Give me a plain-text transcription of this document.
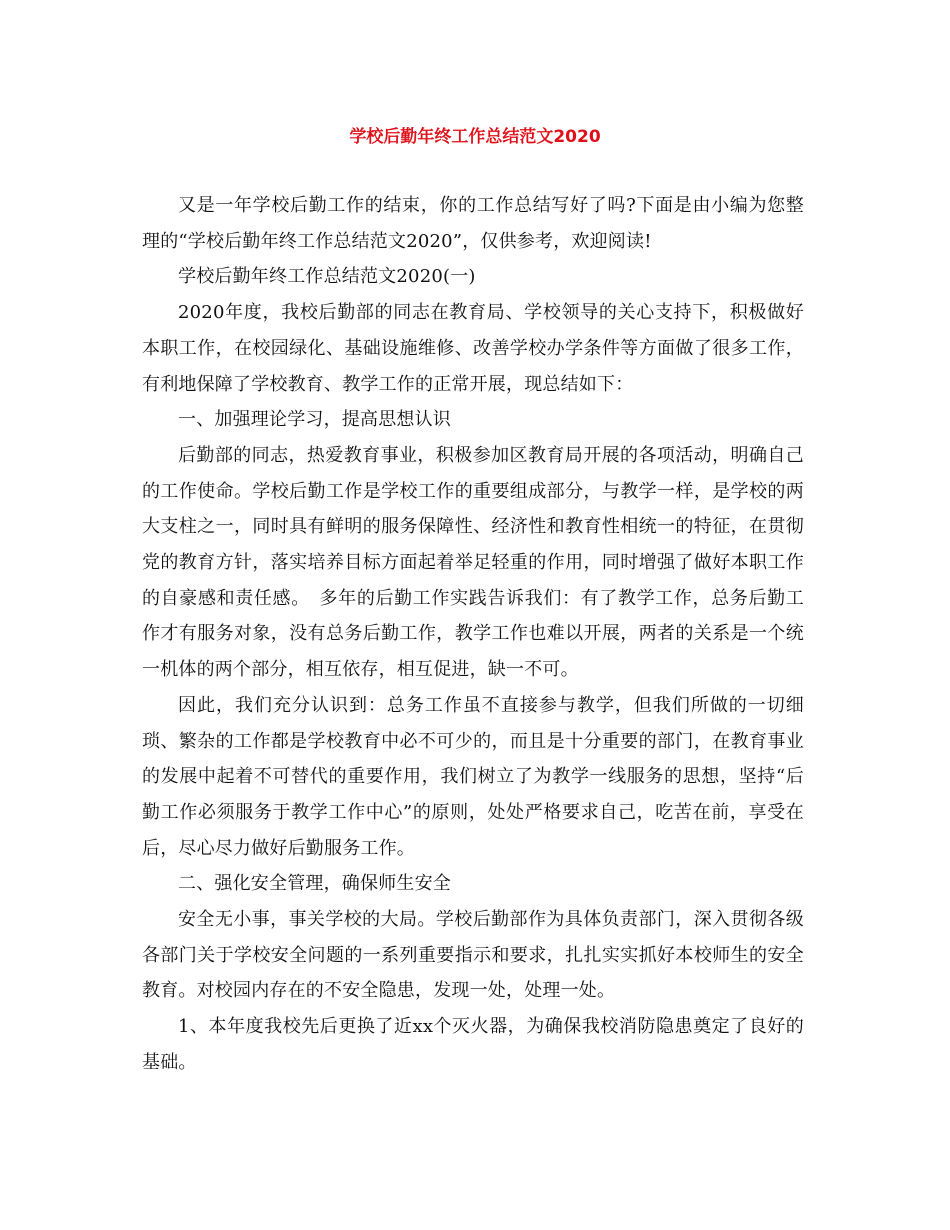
学校后勤年终工作总结范文2020

又是一年学校后勤工作的结束，你的工作总结写好了吗?下面是由小编为您整理的“学校后勤年终工作总结范文2020”，仅供参考，欢迎阅读!

学校后勤年终工作总结范文2020(一)

2020年度，我校后勤部的同志在教育局、学校领导的关心支持下，积极做好本职工作，在校园绿化、基础设施维修、改善学校办学条件等方面做了很多工作，有利地保障了学校教育、教学工作的正常开展，现总结如下：

一、加强理论学习，提高思想认识

后勤部的同志，热爱教育事业，积极参加区教育局开展的各项活动，明确自己的工作使命。学校后勤工作是学校工作的重要组成部分，与教学一样，是学校的两大支柱之一，同时具有鲜明的服务保障性、经济性和教育性相统一的特征，在贯彻党的教育方针，落实培养目标方面起着举足轻重的作用，同时增强了做好本职工作的自豪感和责任感。　多年的后勤工作实践告诉我们：有了教学工作，总务后勤工作才有服务对象，没有总务后勤工作，教学工作也难以开展，两者的关系是一个统一机体的两个部分，相互依存，相互促进，缺一不可。

因此，我们充分认识到：总务工作虽不直接参与教学，但我们所做的一切细琐、繁杂的工作都是学校教育中必不可少的，而且是十分重要的部门，在教育事业的发展中起着不可替代的重要作用，我们树立了为教学一线服务的思想，坚持“后勤工作必须服务于教学工作中心”的原则，处处严格要求自己，吃苦在前，享受在后，尽心尽力做好后勤服务工作。

二、强化安全管理，确保师生安全

安全无小事，事关学校的大局。学校后勤部作为具体负责部门，深入贯彻各级各部门关于学校安全问题的一系列重要指示和要求，扎扎实实抓好本校师生的安全教育。对校园内存在的不安全隐患，发现一处，处理一处。

1、本年度我校先后更换了近xx个灭火器，为确保我校消防隐患奠定了良好的基础。
